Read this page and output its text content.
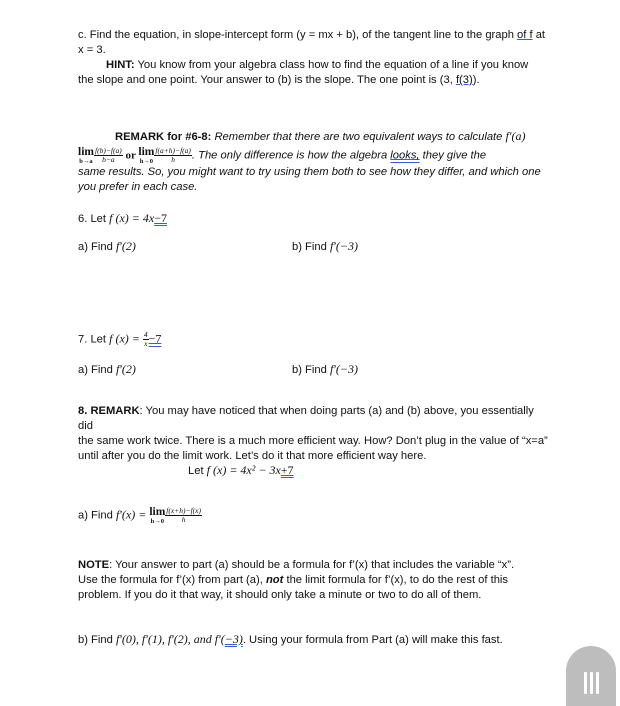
c. Find the equation, in slope-intercept form (y = mx + b), of the tangent line to the graph of f at
x = 3.
HINT: You know from your algebra class how to find the equation of a line if you know
the slope and one point. Your answer to (b) is the slope. The one point is (3, f(3)).
REMARK for #6-8: Remember that there are two equivalent ways to calculate f′(a)
lim
$b\to a \frac{f(b)-f(a)}{b-a}$ or lim
$h\to 0 \frac{f(a+h)-f(a)}{h}$ . The only difference is how the algebra looks, they give the
same results. So, you might want to try using them both to see how they differ, and which one
you prefer in each case.
6. Let f (x) = 4x−7
a) Find f′(2)	b) Find f′(−3)
7. Let f $(x) = \frac{4}{x} -7$
a) Find f′(2)	b) Find f′(−3)
8. REMARK: You may have noticed that when doing parts (a) and (b) above, you essentially did
the same work twice. There is a much more efficient way. How? Don’t plug in the value of “x=a”
until after you do the limit work. Let’s do it that more efficient way here.
Let f (x) = 4x² − 3x+7
a) Find f′(x) = lim
$h\to 0 \frac{f(x+h)-f(x)}{h}$
NOTE: Your answer to part (a) should be a formula for f’(x) that includes the variable “x”.
Use the formula for f’(x) from part (a), not the limit formula for f’(x), to do the rest of this
problem. If you do it that way, it should only take a minute or two to do all of them.
b) Find f′(0), f′(1), f′(2), and f′(−3). Using your formula from Part (a) will make this fast.
